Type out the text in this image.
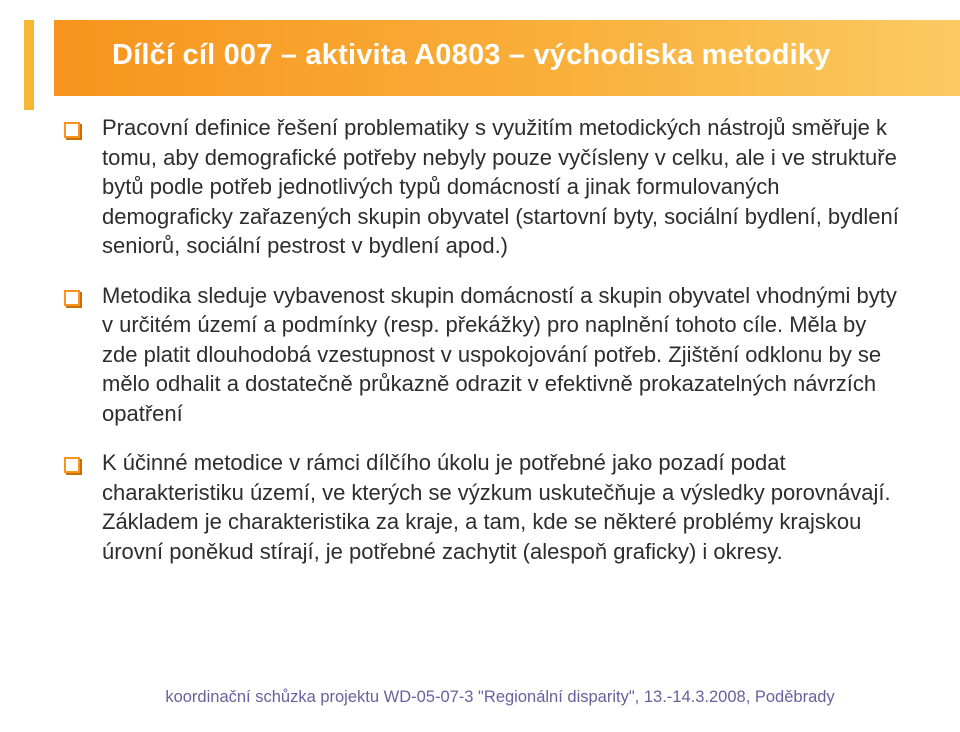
Dílčí cíl 007 – aktivita A0803 – východiska metodiky
Pracovní definice řešení problematiky s využitím metodických nástrojů směřuje k tomu, aby demografické potřeby nebyly pouze vyčísleny v celku, ale i ve struktuře bytů podle potřeb jednotlivých typů domácností a jinak formulovaných demograficky zařazených skupin obyvatel (startovní byty, sociální bydlení, bydlení seniorů, sociální pestrost v bydlení apod.)
Metodika sleduje vybavenost skupin domácností a skupin obyvatel vhodnými byty v určitém území a podmínky (resp. překážky) pro naplnění tohoto cíle. Měla by zde platit dlouhodobá vzestupnost v uspokojování potřeb. Zjištění odklonu by se mělo odhalit a dostatečně průkazně odrazit v efektivně prokazatelných návrzích opatření
K účinné metodice v rámci dílčího úkolu je potřebné jako pozadí podat charakteristiku území, ve kterých se výzkum uskutečňuje a výsledky porovnávají. Základem je charakteristika za kraje, a tam, kde se některé problémy krajskou úrovní poněkud stírají, je potřebné zachytit (alespoň graficky) i okresy.
koordinační schůzka projektu WD-05-07-3 "Regionální disparity", 13.-14.3.2008, Poděbrady
